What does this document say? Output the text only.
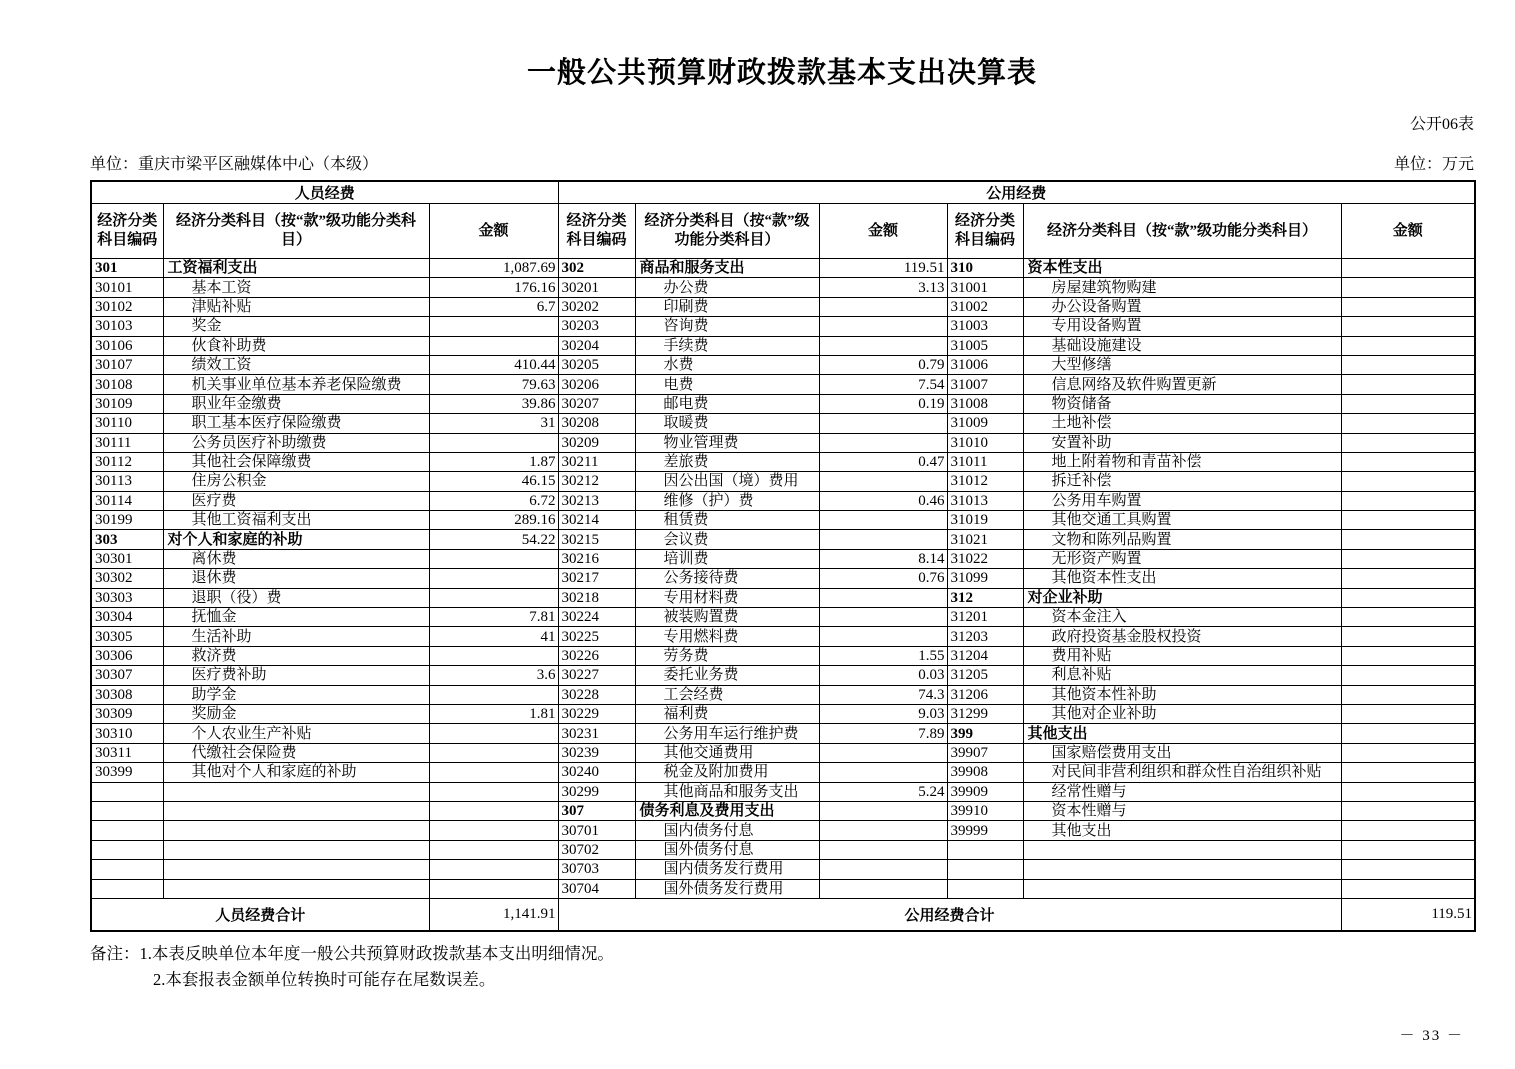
一般公共预算财政拨款基本支出决算表
公开06表
单位：重庆市梁平区融媒体中心（本级）	单位：万元
人员经费			公用经费					
经济分类科目编码	经济分类科目（按“款”级功能分类科目）	金额	经济分类科目编码	经济分类科目（按“款”级功能分类科目）	金额	经济分类科目编码	经济分类科目（按“款”级功能分类科目）	金额
301	工资福利支出	1,087.69	302	商品和服务支出	119.51	310	资本性支出	
30101	基本工资	176.16	30201	办公费	3.13	31001	房屋建筑物购建	
30102	津贴补贴	6.7	30202	印刷费		31002	办公设备购置	
30103	奖金		30203	咨询费		31003	专用设备购置	
30106	伙食补助费		30204	手续费		31005	基础设施建设	
30107	绩效工资	410.44	30205	水费	0.79	31006	大型修缮	
30108	机关事业单位基本养老保险缴费	79.63	30206	电费	7.54	31007	信息网络及软件购置更新	
30109	职业年金缴费	39.86	30207	邮电费	0.19	31008	物资储备	
30110	职工基本医疗保险缴费	31	30208	取暖费		31009	土地补偿	
30111	公务员医疗补助缴费		30209	物业管理费		31010	安置补助	
30112	其他社会保障缴费	1.87	30211	差旅费	0.47	31011	地上附着物和青苗补偿	
30113	住房公积金	46.15	30212	因公出国（境）费用		31012	拆迁补偿	
30114	医疗费	6.72	30213	维修（护）费	0.46	31013	公务用车购置	
30199	其他工资福利支出	289.16	30214	租赁费		31019	其他交通工具购置	
303	对个人和家庭的补助	54.22	30215	会议费		31021	文物和陈列品购置	
30301	离休费		30216	培训费	8.14	31022	无形资产购置	
30302	退休费		30217	公务接待费	0.76	31099	其他资本性支出	
30303	退职（役）费		30218	专用材料费		312	对企业补助	
30304	抚恤金	7.81	30224	被装购置费		31201	资本金注入	
30305	生活补助	41	30225	专用燃料费		31203	政府投资基金股权投资	
30306	救济费		30226	劳务费	1.55	31204	费用补贴	
30307	医疗费补助	3.6	30227	委托业务费	0.03	31205	利息补贴	
30308	助学金		30228	工会经费	74.3	31206	其他资本性补助	
30309	奖励金	1.81	30229	福利费	9.03	31299	其他对企业补助	
30310	个人农业生产补贴		30231	公务用车运行维护费	7.89	399	其他支出	
30311	代缴社会保险费		30239	其他交通费用		39907	国家赔偿费用支出	
30399	其他对个人和家庭的补助		30240	税金及附加费用		39908	对民间非营利组织和群众性自治组织补贴	
			30299	其他商品和服务支出	5.24	39909	经常性赠与	
			307	债务利息及费用支出		39910	资本性赠与	
			30701	国内债务付息		39999	其他支出	
			30702	国外债务付息				
			30703	国内债务发行费用				
			30704	国外债务发行费用				
人员经费合计		1,141.91	公用经费合计					119.51
备注：1.本表反映单位本年度一般公共预算财政拨款基本支出明细情况。
2.本套报表金额单位转换时可能存在尾数误差。
－ 33 －
